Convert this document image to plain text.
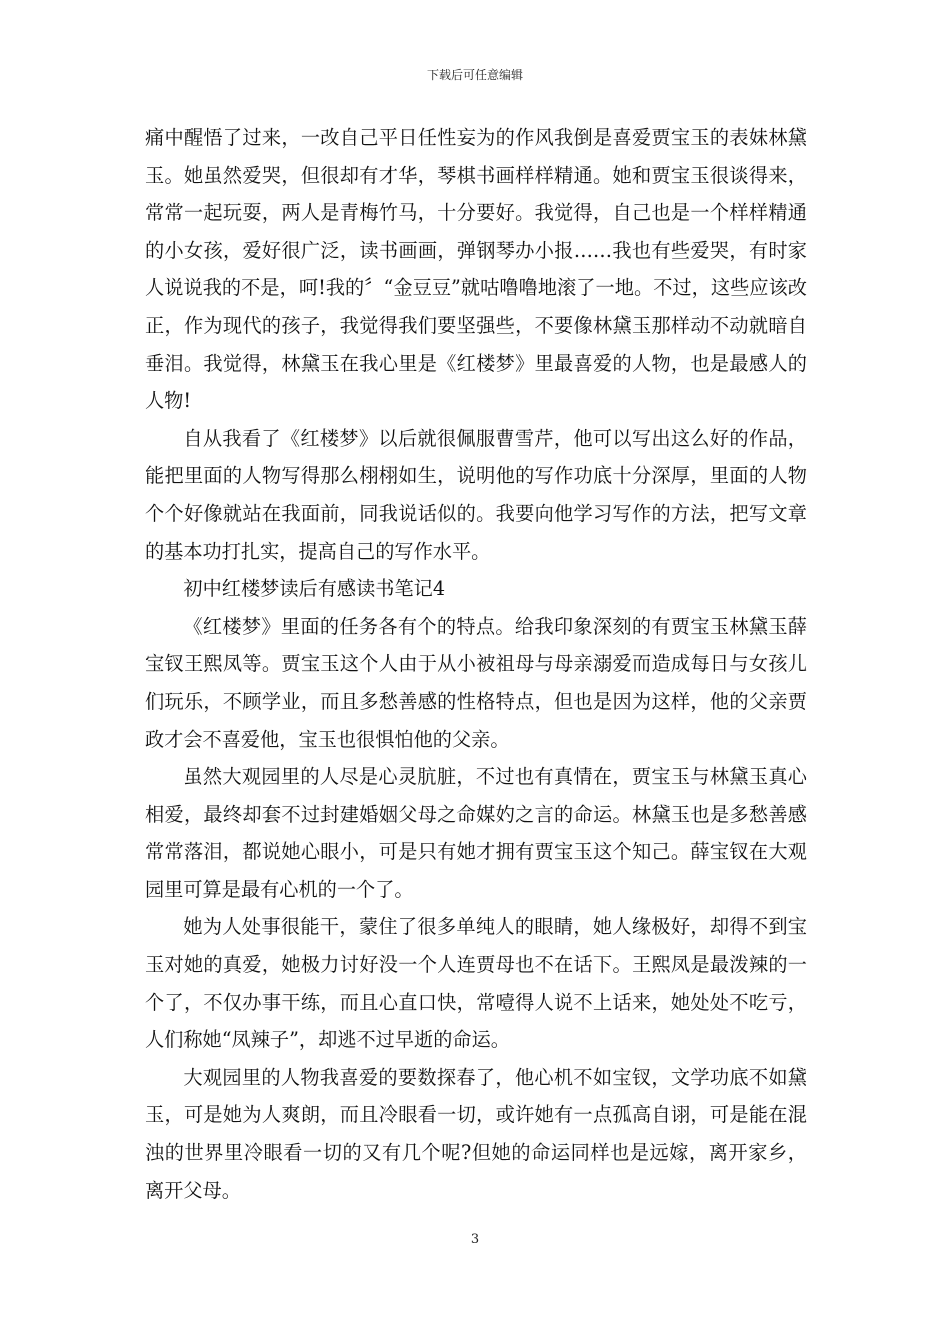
下载后可任意编辑

痛中醒悟了过来，一改自己平日任性妄为的作风我倒是喜爱贾宝玉的表妹林黛玉。她虽然爱哭，但很却有才华，琴棋书画样样精通。她和贾宝玉很谈得来，常常一起玩耍，两人是青梅竹马，十分要好。我觉得，自己也是一个样样精通的小女孩，爱好很广泛，读书画画，弹钢琴办小报……我也有些爱哭，有时家人说说我的不是，呵!我的〞“金豆豆”就咕噜噜地滚了一地。不过，这些应该改正，作为现代的孩子，我觉得我们要坚强些，不要像林黛玉那样动不动就暗自垂泪。我觉得，林黛玉在我心里是《红楼梦》里最喜爱的人物，也是最感人的人物!

自从我看了《红楼梦》以后就很佩服曹雪芹，他可以写出这么好的作品，能把里面的人物写得那么栩栩如生，说明他的写作功底十分深厚，里面的人物个个好像就站在我面前，同我说话似的。我要向他学习写作的方法，把写文章的基本功打扎实，提高自己的写作水平。

初中红楼梦读后有感读书笔记4

《红楼梦》里面的任务各有个的特点。给我印象深刻的有贾宝玉林黛玉薛宝钗王熙凤等。贾宝玉这个人由于从小被祖母与母亲溺爱而造成每日与女孩儿们玩乐，不顾学业，而且多愁善感的性格特点，但也是因为这样，他的父亲贾政才会不喜爱他，宝玉也很惧怕他的父亲。

虽然大观园里的人尽是心灵肮脏，不过也有真情在，贾宝玉与林黛玉真心相爱，最终却套不过封建婚姻父母之命媒妁之言的命运。林黛玉也是多愁善感常常落泪，都说她心眼小，可是只有她才拥有贾宝玉这个知己。薛宝钗在大观园里可算是最有心机的一个了。

她为人处事很能干，蒙住了很多单纯人的眼睛，她人缘极好，却得不到宝玉对她的真爱，她极力讨好没一个人连贾母也不在话下。王熙凤是最泼辣的一个了，不仅办事干练，而且心直口快，常噎得人说不上话来，她处处不吃亏，人们称她“凤辣子”，却逃不过早逝的命运。

大观园里的人物我喜爱的要数探春了，他心机不如宝钗，文学功底不如黛玉，可是她为人爽朗，而且冷眼看一切，或许她有一点孤高自诩，可是能在混浊的世界里冷眼看一切的又有几个呢?但她的命运同样也是远嫁，离开家乡，离开父母。

3
